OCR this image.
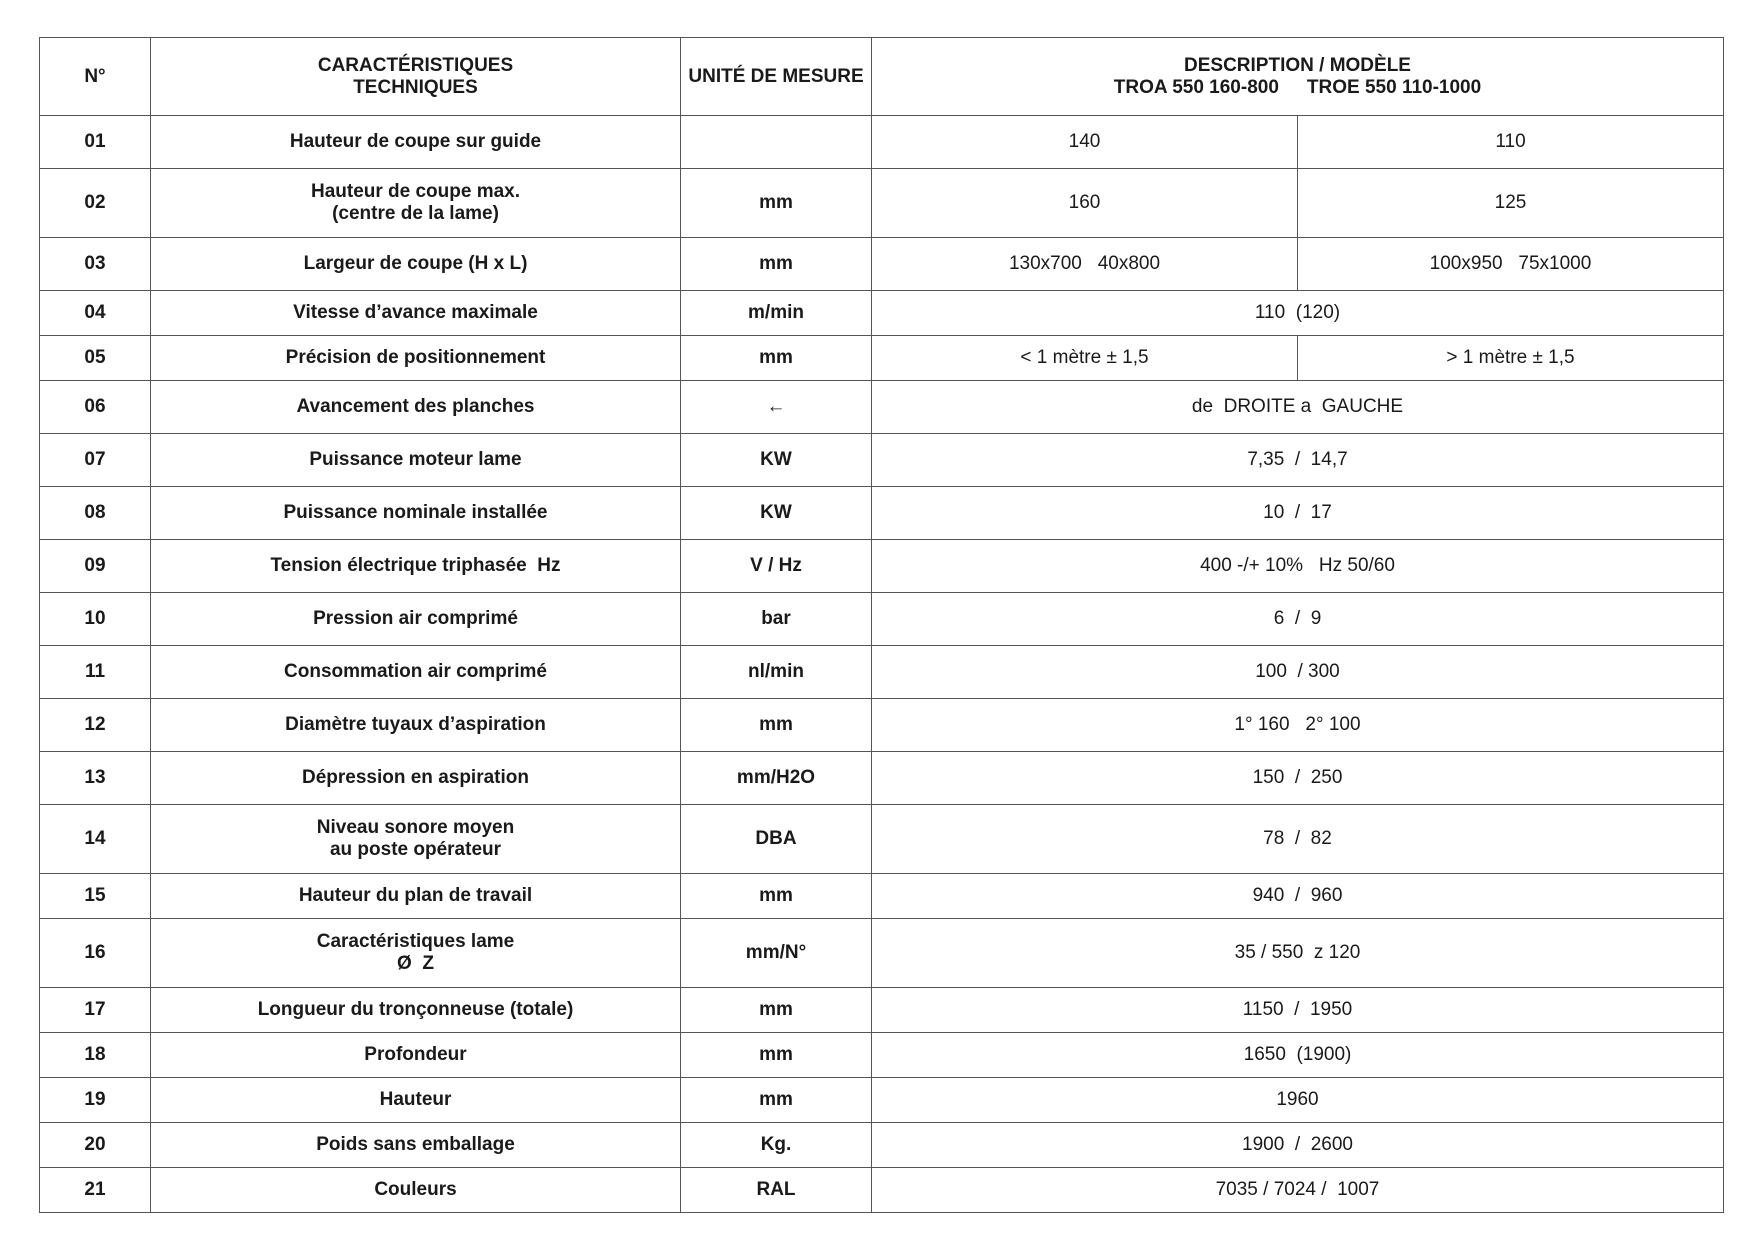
N°	CARACTÉRISTIQUES
TECHNIQUES	UNITÉ DE MESURE	DESCRIPTION / MODÈLE
TROA 550 160-800 TROE 550 110-1000	

01	Hauteur de coupe sur guide		140	110
02	Hauteur de coupe max.
(centre de la lame)	mm	160	125
03	Largeur de coupe (H x L)	mm	130x700   40x800	100x950   75x1000
04	Vitesse d’avance maximale	m/min	110  (120)	
05	Précision de positionnement	mm	< 1 mètre ± 1,5	> 1 mètre ± 1,5
06	Avancement des planches	←	de  DROITE a  GAUCHE	
07	Puissance moteur lame	KW	7,35  /  14,7	
08	Puissance nominale installée	KW	10  /  17	
09	Tension électrique triphasée  Hz	V / Hz	400 -/+ 10%   Hz 50/60	
10	Pression air comprimé	bar	6  /  9	
11	Consommation air comprimé	nl/min	100  / 300	
12	Diamètre tuyaux d’aspiration	mm	1° 160   2° 100	
13	Dépression en aspiration	mm/H2O	150  /  250	
14	Niveau sonore moyen
au poste opérateur	DBA	78  /  82	
15	Hauteur du plan de travail	mm	940  /  960	
16	Caractéristiques lame
Ø  Z	mm/N°	35 / 550  z 120	
17	Longueur du tronçonneuse (totale)	mm	1150  /  1950	
18	Profondeur	mm	1650  (1900)	
19	Hauteur	mm	1960	
20	Poids sans emballage	Kg.	1900  /  2600	
21	Couleurs	RAL	7035 / 7024 /  1007	
